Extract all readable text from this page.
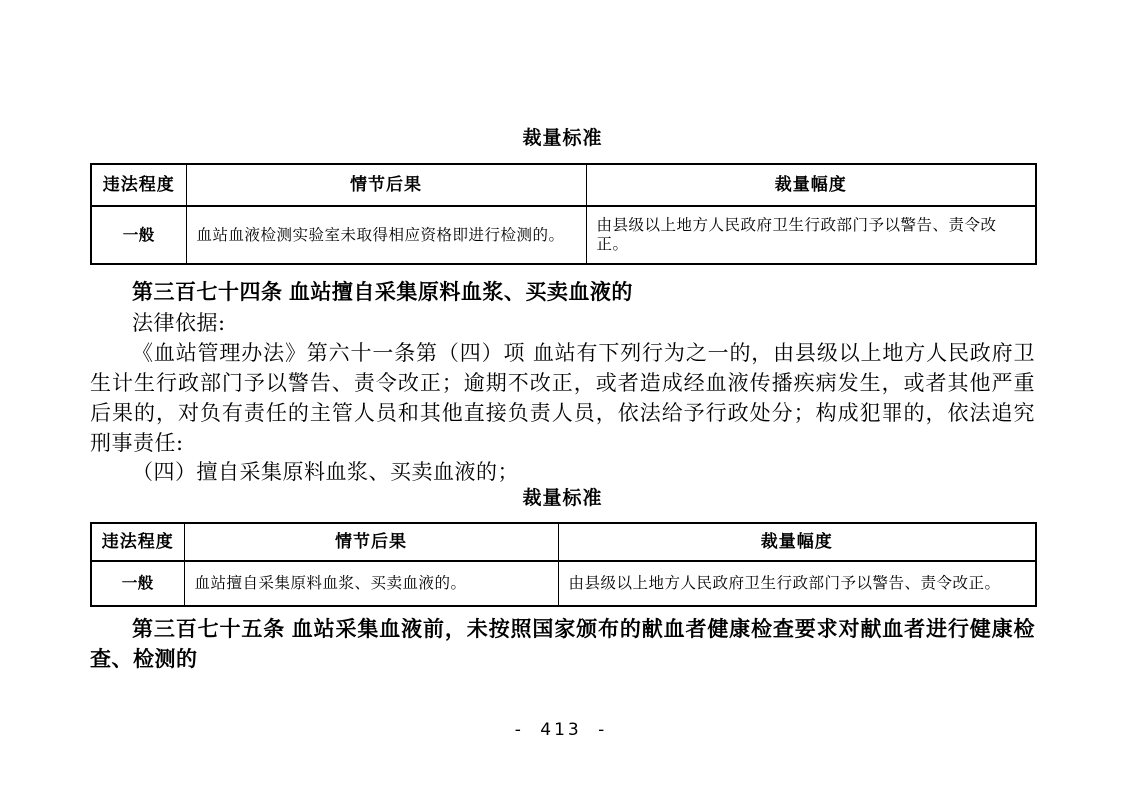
裁量标准
违法程度	情节后果	裁量幅度
一般	血站血液检测实验室未取得相应资格即进行检测的。	由县级以上地方人民政府卫生行政部门予以警告、责令改正。

第三百七十四条 血站擅自采集原料血浆、买卖血液的

法律依据:

《血站管理办法》第六十一条第（四）项 血站有下列行为之一的，由县级以上地方人民政府卫生计生行政部门予以警告、责令改正；逾期不改正，或者造成经血液传播疾病发生，或者其他严重后果的，对负有责任的主管人员和其他直接负责人员，依法给予行政处分；构成犯罪的，依法追究刑事责任:

（四）擅自采集原料血浆、买卖血液的；

裁量标准
违法程度	情节后果	裁量幅度
一般	血站擅自采集原料血浆、买卖血液的。	由县级以上地方人民政府卫生行政部门予以警告、责令改正。

第三百七十五条 血站采集血液前，未按照国家颁布的献血者健康检查要求对献血者进行健康检查、检测的

- 413 -
